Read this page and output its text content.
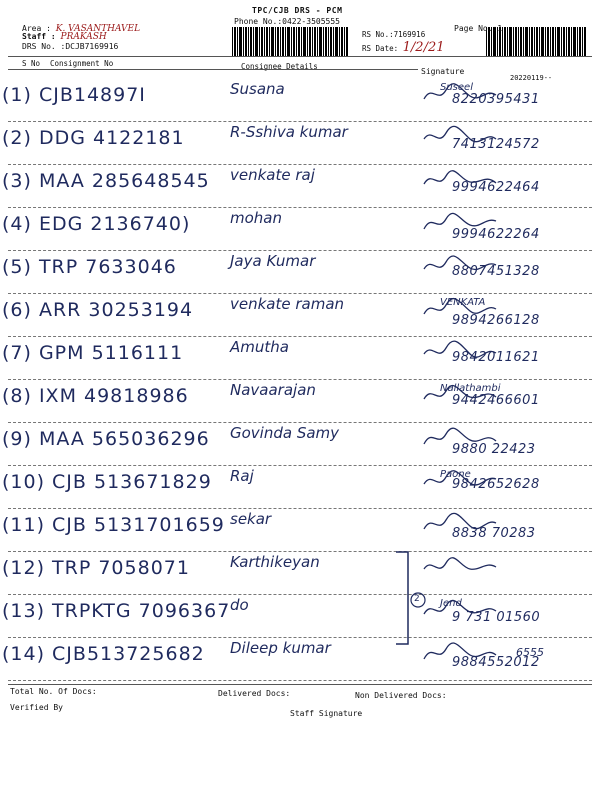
TPC/CJB DRS - PCM
Phone No.:0422-3505555
Area : K. VASANTHAVEL
Staff : PRAKASH
DRS No. :DCJB7169916
RS No.:7169916
RS Date: 1/2/21
Page No.:1
S No Consignment No	Consignee Details
Signature
20220119--
(1) CJB14897I	Susana	Suseel
8220395431
(2) DDG 4122181	R-Sshiva kumar
7413124572
(3) MAA 285648545 venkate raj
9994622464
(4) EDG 2136740)	mohan
9994622264
(5) TRP 7633046	Jaya Kumar
8807451328
(6) ARR 30253194 venkate raman	VENKATA
9894266128
(7) GPM 5116111	Amutha
9842011621
(8) IXM 49818986	Navaarajan	Nallathambi
9442466601
(9) MAA 565036296 Govinda Samy
9880 22423
(10) CJB 513671829 Raj	Paone
9842652628
(11) CJB 5131701659 sekar
8838 70283
(12) TRP 7058071	Karthikeyan
(13) TRPKTG 7096367 do	Jend
9 731 01560
(14) CJB513725682 Dileep kumar
9884552012
2
6555
Total No. Of Docs:	Delivered Docs:	Non Delivered Docs:
Verified By
Staff Signature
